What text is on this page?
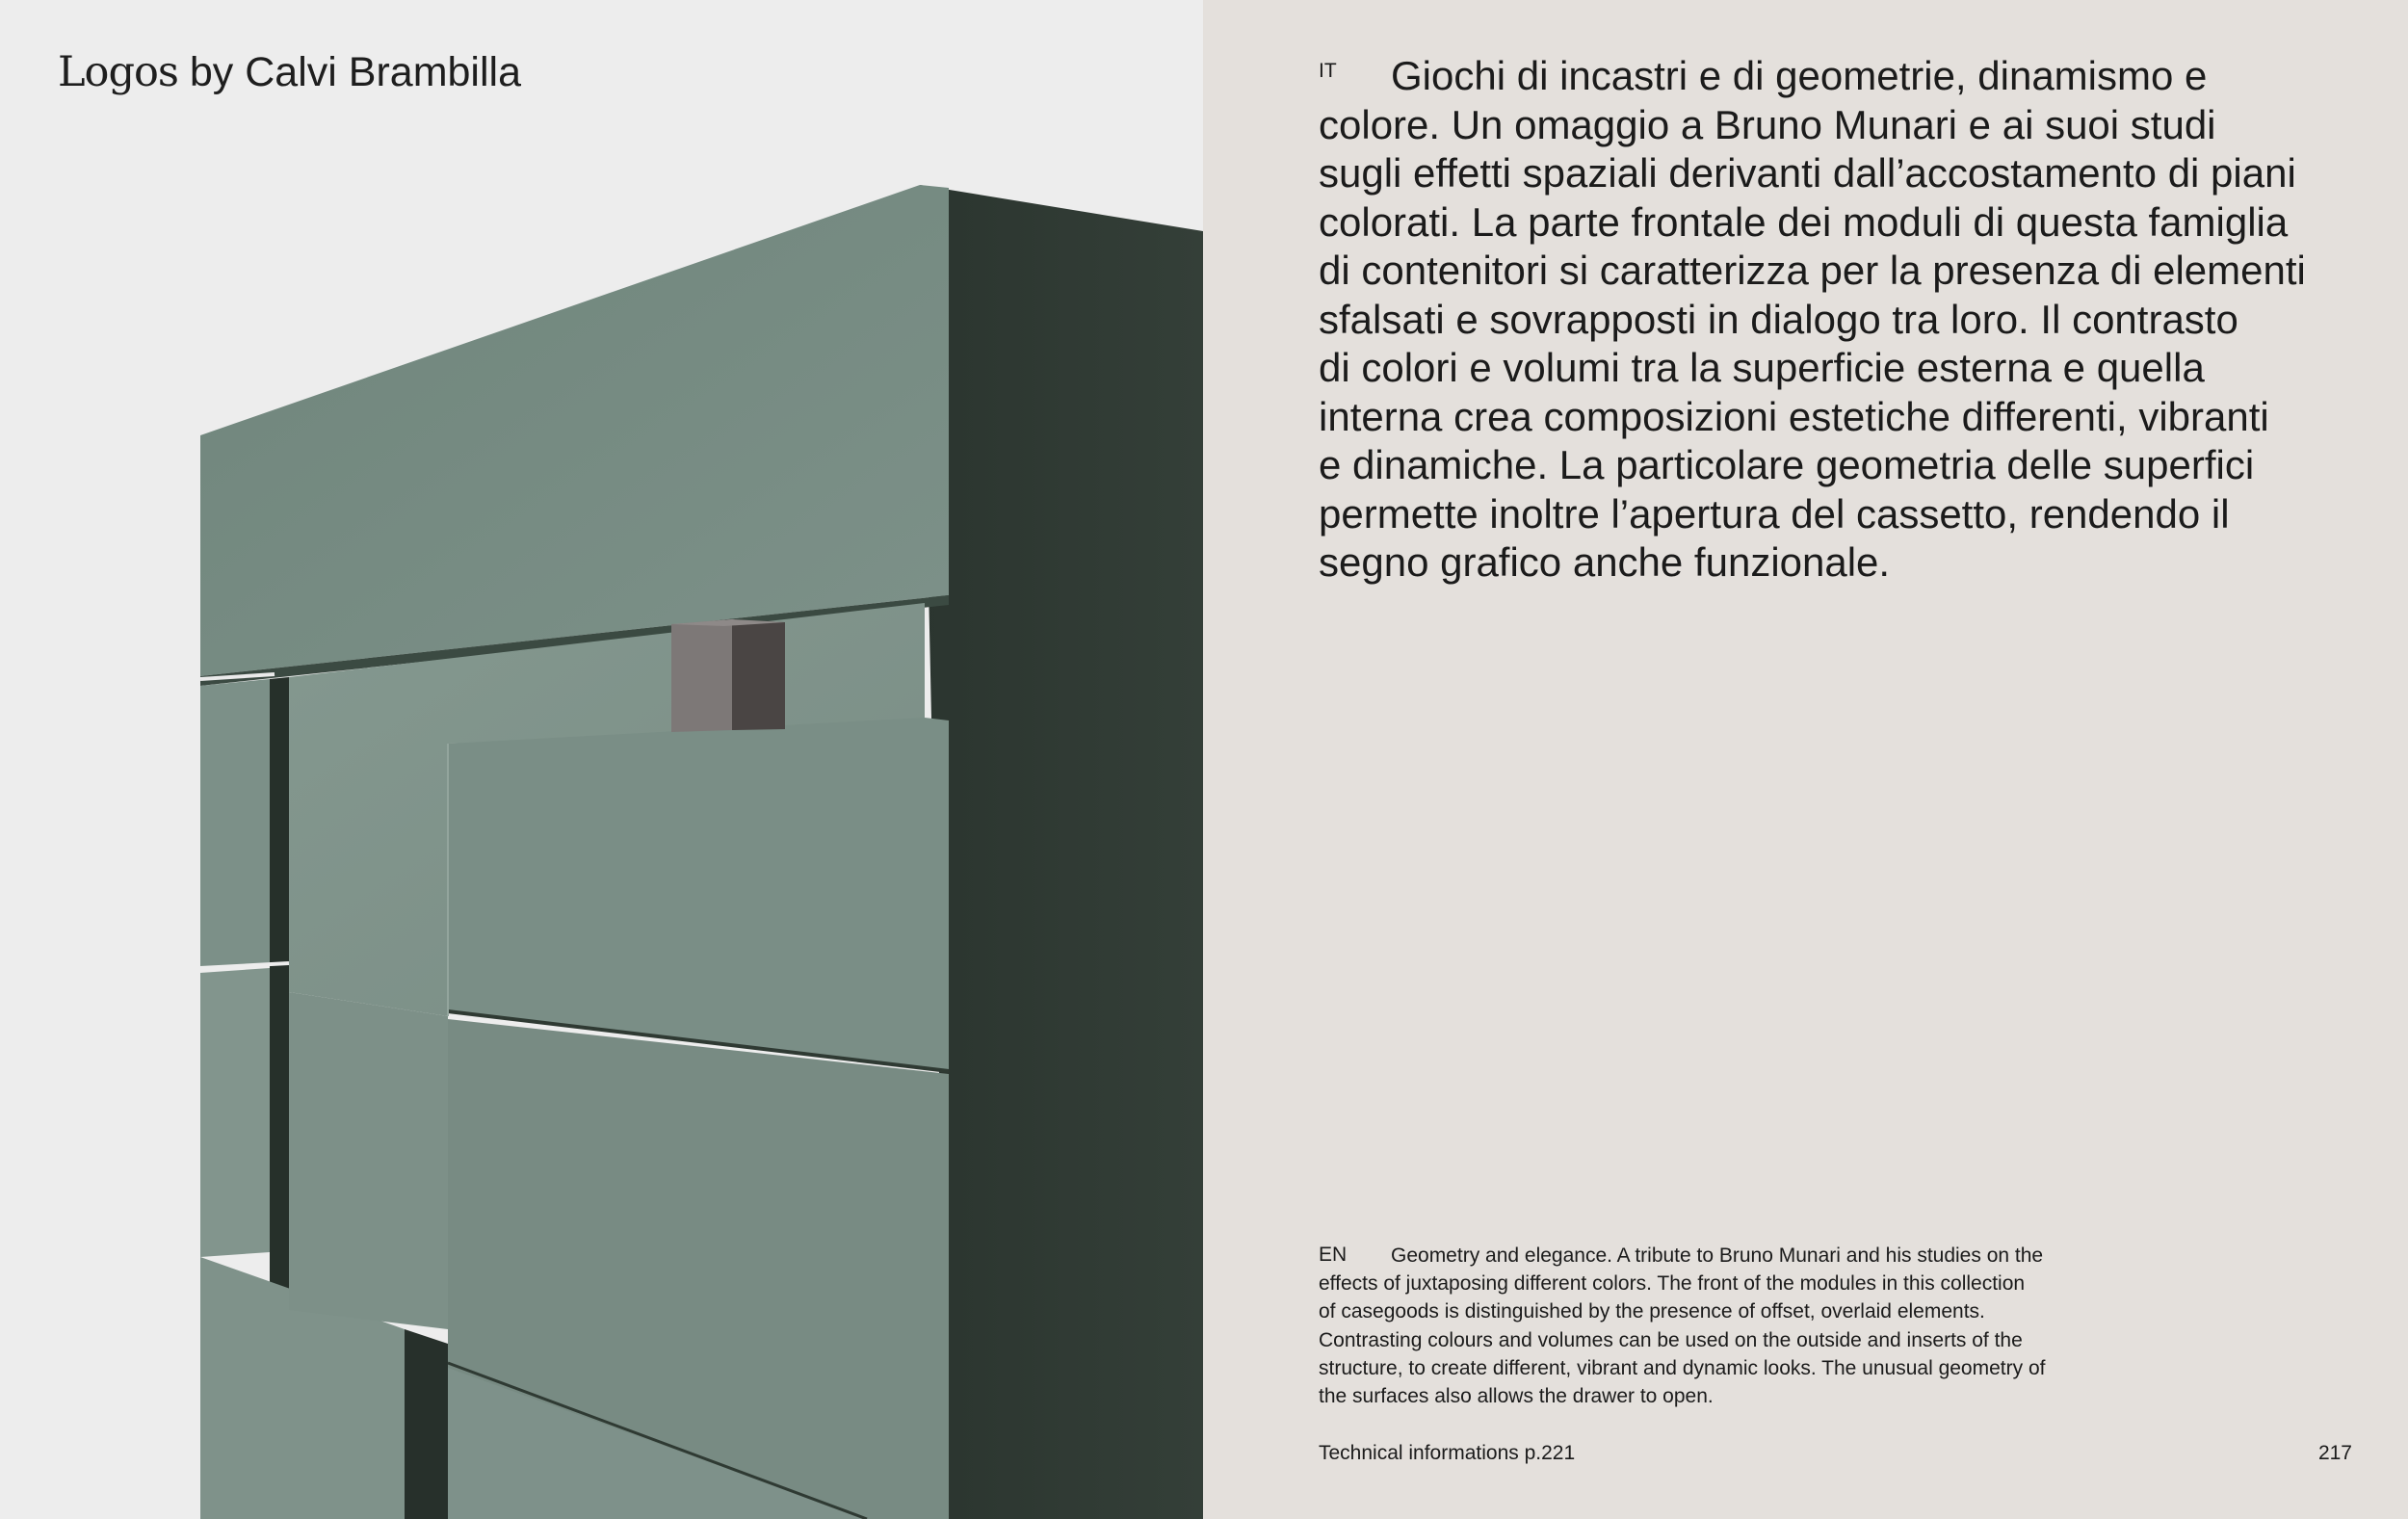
Logos by Calvi Brambilla	IT	Giochi di incastri e di geometrie, dinamismo e
colore. Un omaggio a Bruno Munari e ai suoi studi
sugli effetti spaziali derivanti dall’accostamento di piani
colorati. La parte frontale dei moduli di questa famiglia
di contenitori si caratterizza per la presenza di elementi
sfalsati e sovrapposti in dialogo tra loro. Il contrasto
di colori e volumi tra la superficie esterna e quella
interna crea composizioni estetiche differenti, vibranti
e dinamiche. La particolare geometria delle superfici
permette inoltre l’apertura del cassetto, rendendo il
segno grafico anche funzionale.
EN	Geometry and elegance. A tribute to Bruno Munari and his studies on the
effects of juxtaposing different colors. The front of the modules in this collection
of casegoods is distinguished by the presence of offset, overlaid elements.
Contrasting colours and volumes can be used on the outside and inserts of the
structure, to create different, vibrant and dynamic looks. The unusual geometry of
the surfaces also allows the drawer to open.
Technical informations p.221	217
